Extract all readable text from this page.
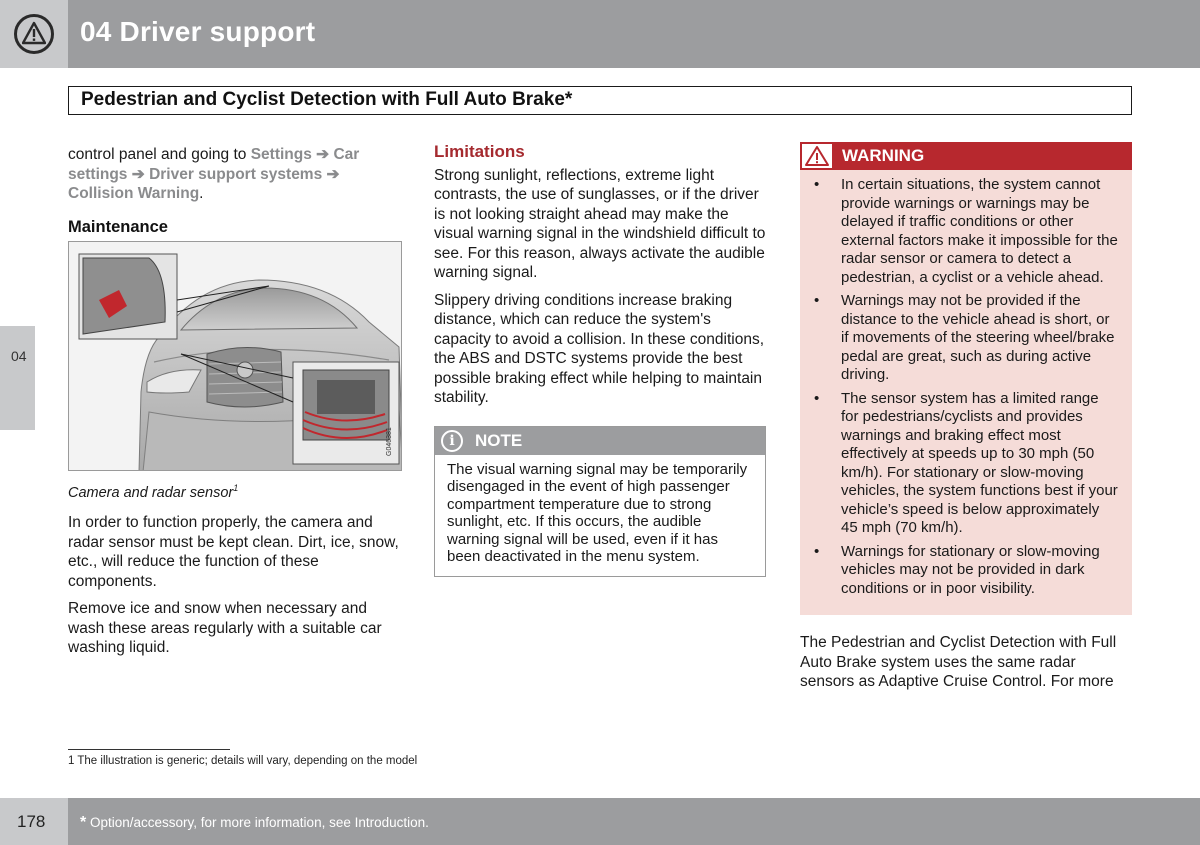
04 Driver support
Pedestrian and Cyclist Detection with Full Auto Brake*
04
control panel and going to Settings ➔ Car settings ➔ Driver support systems ➔ Collision Warning.
Maintenance
G046381
Camera and radar sensor$^1$
In order to function properly, the camera and radar sensor must be kept clean. Dirt, ice, snow, etc., will reduce the function of these components.
Remove ice and snow when necessary and wash these areas regularly with a suitable car washing liquid.
Limitations
Strong sunlight, reflections, extreme light contrasts, the use of sunglasses, or if the driver is not looking straight ahead may make the visual warning signal in the windshield difficult to see. For this reason, always activate the audible warning signal.
Slippery driving conditions increase braking distance, which can reduce the system's capacity to avoid a collision. In these conditions, the ABS and DSTC systems provide the best possible braking effect while helping to maintain stability.
i	NOTE
The visual warning signal may be temporarily disengaged in the event of high passenger compartment temperature due to strong sunlight, etc. If this occurs, the audible warning signal will be used, even if it has been deactivated in the menu system.
WARNING
• In certain situations, the system cannot provide warnings or warnings may be delayed if traffic conditions or other external factors make it impossible for the radar sensor or camera to detect a pedestrian, a cyclist or a vehicle ahead.
• Warnings may not be provided if the distance to the vehicle ahead is short, or if movements of the steering wheel/brake pedal are great, such as during active driving.
• The sensor system has a limited range for pedestrians/cyclists and provides warnings and braking effect most effectively at speeds up to 30 mph (50 km/h). For stationary or slow-moving vehicles, the system functions best if your vehicle’s speed is below approximately 45 mph (70 km/h).
• Warnings for stationary or slow-moving vehicles may not be provided in dark conditions or in poor visibility.
The Pedestrian and Cyclist Detection with Full Auto Brake system uses the same radar sensors as Adaptive Cruise Control. For more
1 The illustration is generic; details will vary, depending on the model
178 * Option/accessory, for more information, see Introduction.
